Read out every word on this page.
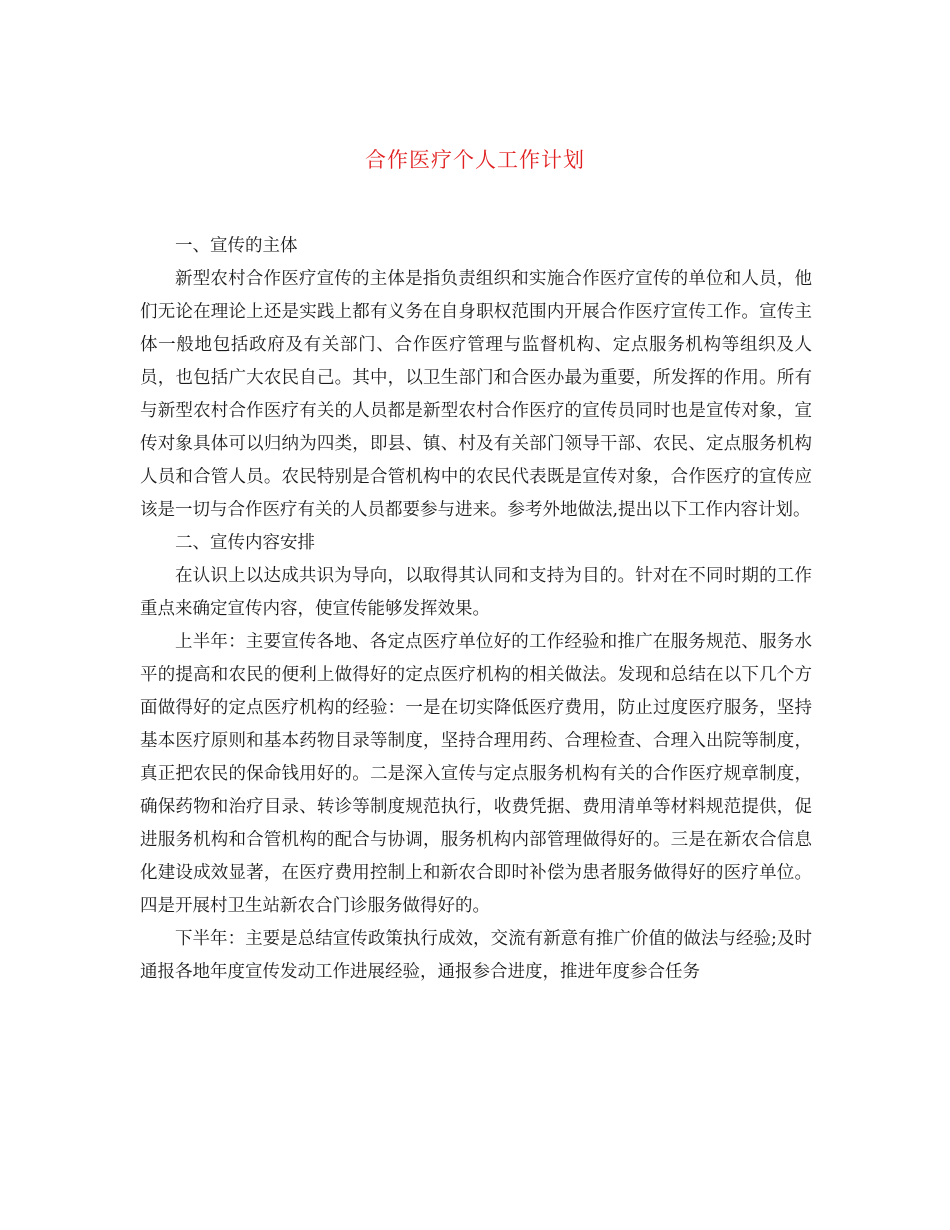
合作医疗个人工作计划

一、宣传的主体

新型农村合作医疗宣传的主体是指负责组织和实施合作医疗宣传的单位和人员，他们无论在理论上还是实践上都有义务在自身职权范围内开展合作医疗宣传工作。宣传主体一般地包括政府及有关部门、合作医疗管理与监督机构、定点服务机构等组织及人员，也包括广大农民自己。其中，以卫生部门和合医办最为重要，所发挥的作用。所有与新型农村合作医疗有关的人员都是新型农村合作医疗的宣传员同时也是宣传对象，宣传对象具体可以归纳为四类，即县、镇、村及有关部门领导干部、农民、定点服务机构人员和合管人员。农民特别是合管机构中的农民代表既是宣传对象，合作医疗的宣传应该是一切与合作医疗有关的人员都要参与进来。参考外地做法,提出以下工作内容计划。

二、宣传内容安排

在认识上以达成共识为导向，以取得其认同和支持为目的。针对在不同时期的工作重点来确定宣传内容，使宣传能够发挥效果。

上半年：主要宣传各地、各定点医疗单位好的工作经验和推广在服务规范、服务水平的提高和农民的便利上做得好的定点医疗机构的相关做法。发现和总结在以下几个方面做得好的定点医疗机构的经验：一是在切实降低医疗费用，防止过度医疗服务，坚持基本医疗原则和基本药物目录等制度，坚持合理用药、合理检查、合理入出院等制度，真正把农民的保命钱用好的。二是深入宣传与定点服务机构有关的合作医疗规章制度，确保药物和治疗目录、转诊等制度规范执行，收费凭据、费用清单等材料规范提供，促进服务机构和合管机构的配合与协调，服务机构内部管理做得好的。三是在新农合信息化建设成效显著，在医疗费用控制上和新农合即时补偿为患者服务做得好的医疗单位。四是开展村卫生站新农合门诊服务做得好的。

下半年：主要是总结宣传政策执行成效，交流有新意有推广价值的做法与经验;及时通报各地年度宣传发动工作进展经验，通报参合进度，推进年度参合任务
